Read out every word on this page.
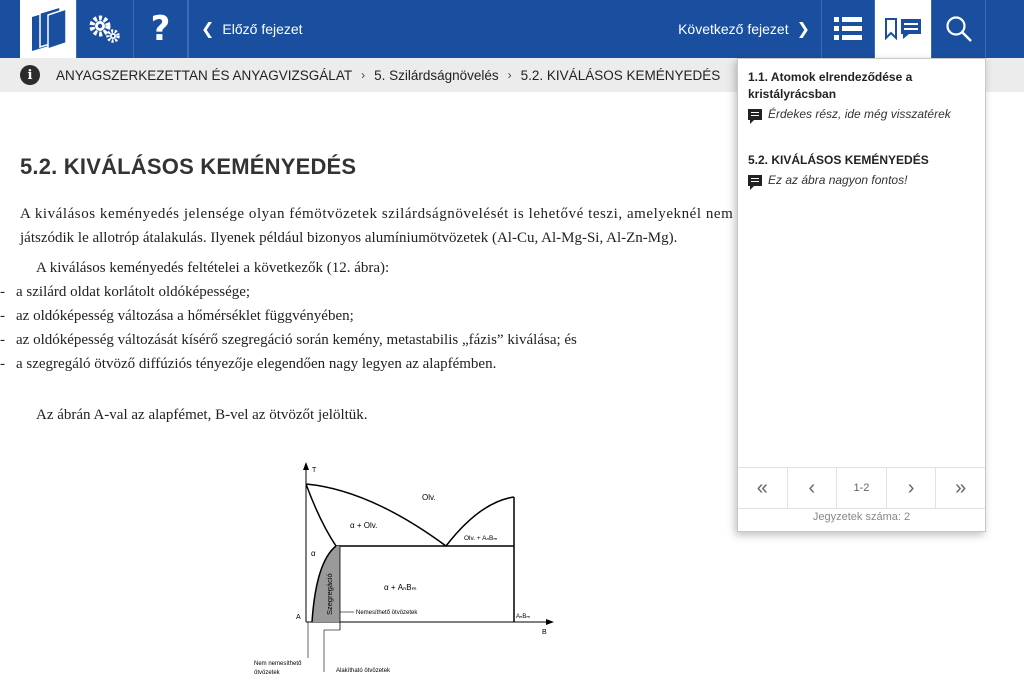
? ❮ Előző fejezet	Következő fejezet ❯
i	ANYAGSZERKEZETTAN ÉS ANYAGVIZSGÁLAT › 5. Szilárdságnövelés › 5.2. KIVÁLÁSOS KEMÉNYEDÉS
5.2. KIVÁLÁSOS KEMÉNYEDÉS
A kiválásos keményedés jelensége olyan fémötvözetek szilárdságnövelését is lehetővé teszi, amelyeknél nem
játszódik le allotróp átalakulás. Ilyenek például bizonyos alumíniumötvözetek (Al-Cu, Al-Mg-Si, Al-Zn-Mg).
A kiválásos keményedés feltételei a következők (12. ábra):
- a szilárd oldat korlátolt oldóképessége;
- az oldóképesség változása a hőmérséklet függvényében;
- az oldóképesség változását kísérő szegregáció során kemény, metastabilis „fázis” kiválása; és
- a szegregáló ötvöző diffúziós tényezője elegendően nagy legyen az alapfémben.
Az ábrán A-val az alapfémet, B-vel az ötvözőt jelöltük.
T
B
A
Olv.
α + Olv.
Olv. + AₙBₘ
α
α + AₙBₘ
Szegregáció
AₙBₘ
Nemesíthető ötvözetek
Nem nemesíthető
ötvözetek	Alakítható ötvözetek
1.1. Atomok elrendeződése a kristályrácsban
Érdekes rész, ide még visszatérek
5.2. KIVÁLÁSOS KEMÉNYEDÉS
Ez az ábra nagyon fontos!
« ‹	1-2	› »
Jegyzetek száma: 2
